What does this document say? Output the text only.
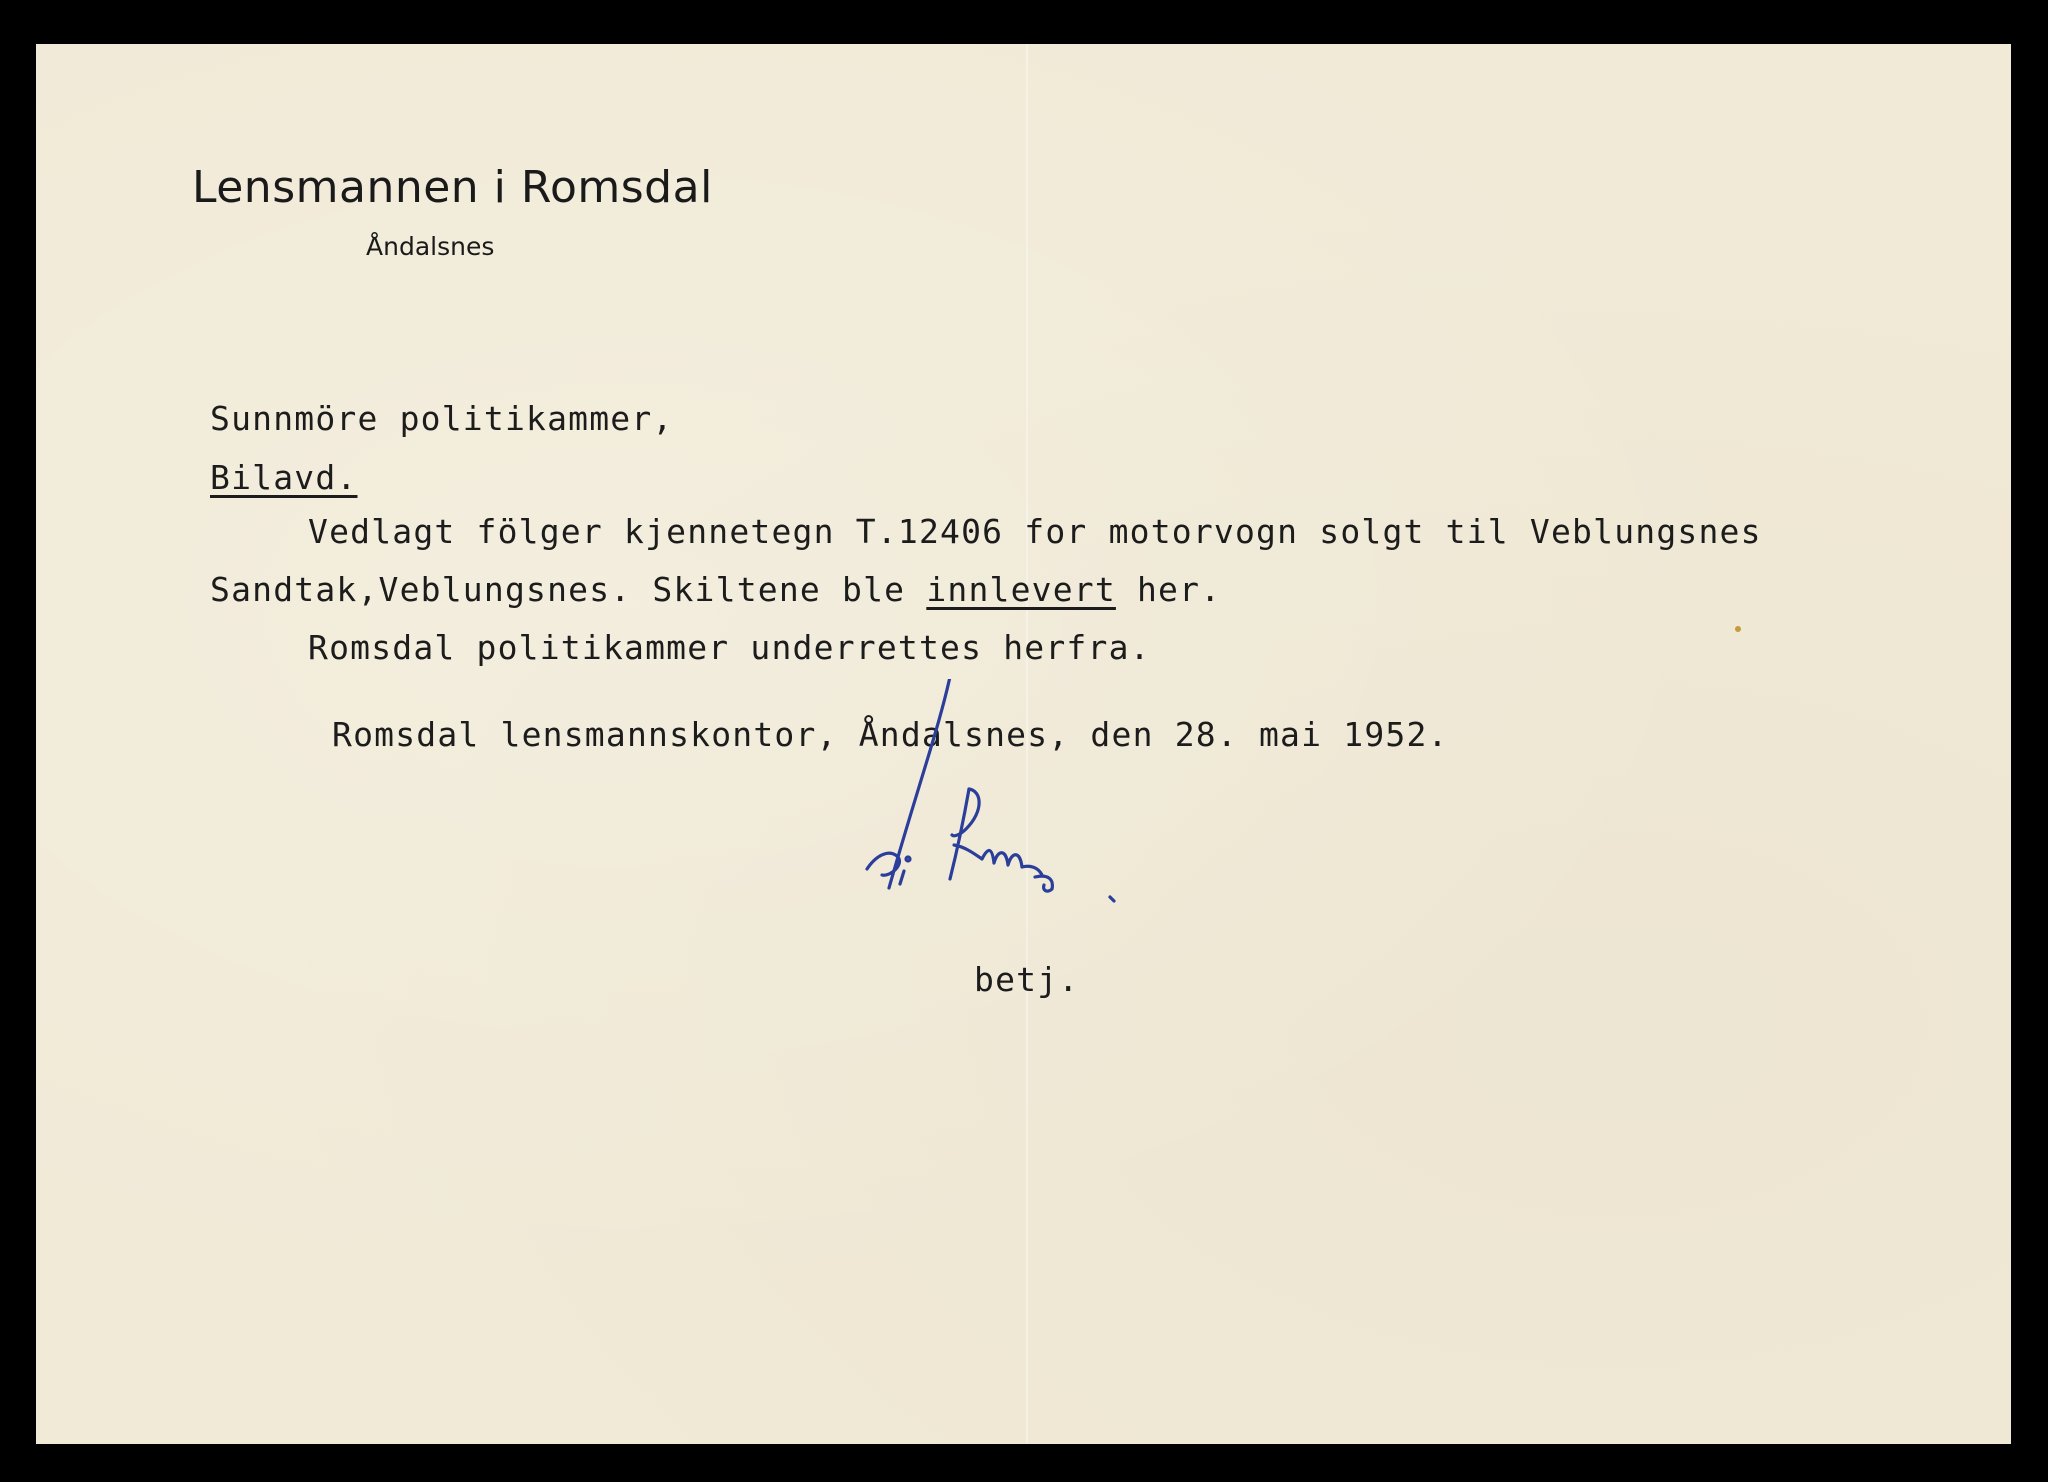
Lensmannen i Romsdal
Åndalsnes
Sunnmöre politikammer,
Bilavd.
Vedlagt fölger kjennetegn T.12406 for motorvogn solgt til Veblungsnes
Sandtak,Veblungsnes. Skiltene ble innlevert her.
Romsdal politikammer underrettes herfra.
Romsdal lensmannskontor, Åndalsnes, den 28. mai 1952.
betj.
